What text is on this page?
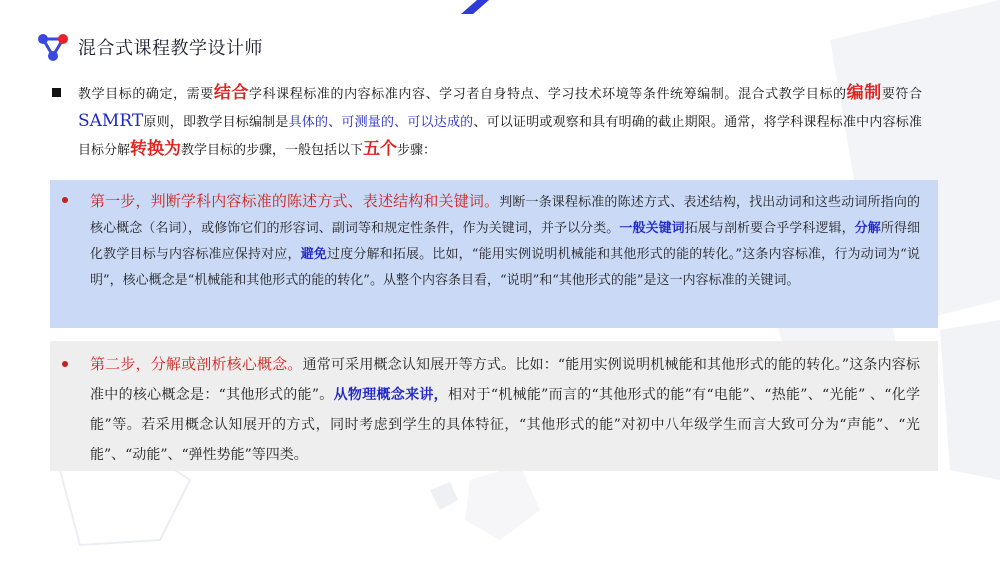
混合式课程教学设计师
教学目标的确定，需要结合学科课程标准的内容标准内容、学习者自身特点、学习技术环境等条件统筹编制。混合式教学目标的编制要符合SAMRT原则，即教学目标编制是具体的、可测量的、可以达成的、可以证明或观察和具有明确的截止期限。通常，将学科课程标准中内容标准目标分解转换为教学目标的步骤，一般包括以下五个步骤：
第一步，判断学科内容标准的陈述方式、表述结构和关键词。判断一条课程标准的陈述方式、表述结构，找出动词和这些动词所指向的核心概念（名词），或修饰它们的形容词、副词等和规定性条件，作为关键词，并予以分类。一般关键词拓展与剖析要合乎学科逻辑，分解所得细化教学目标与内容标准应保持对应，避免过度分解和拓展。比如，“能用实例说明机械能和其他形式的能的转化。”这条内容标准，行为动词为“说明”，核心概念是“机械能和其他形式的能的转化”。从整个内容条目看，“说明”和“其他形式的能”是这一内容标准的关键词。
第二步，分解或剖析核心概念。通常可采用概念认知展开等方式。比如：“能用实例说明机械能和其他形式的能的转化。”这条内容标准中的核心概念是：“其他形式的能”。从物理概念来讲，相对于“机械能”而言的“其他形式的能”有“电能”、“热能”、“光能” 、“化学能”等。若采用概念认知展开的方式，同时考虑到学生的具体特征，“其他形式的能”对初中八年级学生而言大致可分为“声能”、“光能”、“动能”、“弹性势能”等四类。
